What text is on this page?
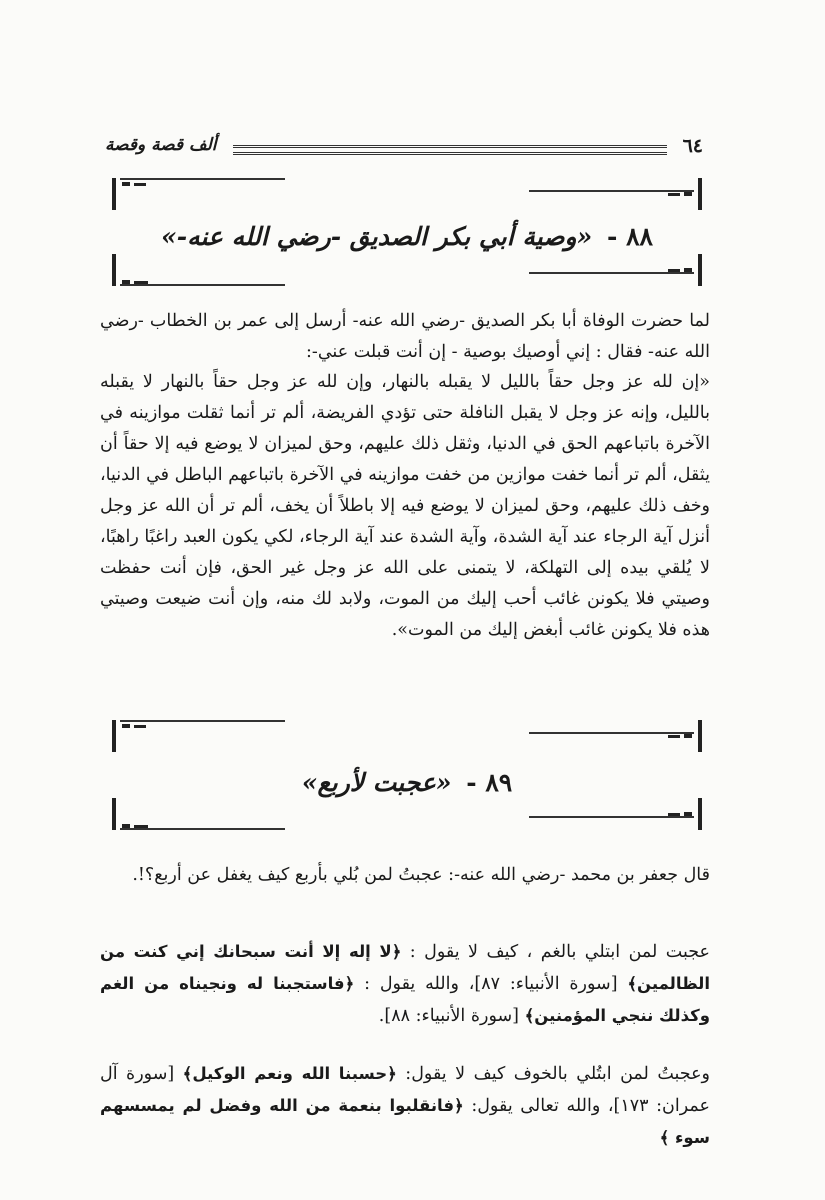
٦٤
ألف قصة وقصة
٨٨ - «وصية أبي بكر الصديق -رضي الله عنه-»

لما حضرت الوفاة أبا بكر الصديق -رضي الله عنه- أرسل إلى عمر بن الخطاب -رضي الله عنه- فقال : إني أوصيك بوصية - إن أنت قبلت عني-:

«إن لله عز وجل حقاً بالليل لا يقبله بالنهار، وإن لله عز وجل حقاً بالنهار لا يقبله بالليل، وإنه عز وجل لا يقبل النافلة حتى تؤدي الفريضة، ألم تر أنما ثقلت موازينه في الآخرة باتباعهم الحق في الدنيا، وثقل ذلك عليهم، وحق لميزان لا يوضع فيه إلا حقاً أن يثقل، ألم تر أنما خفت موازين من خفت موازينه في الآخرة باتباعهم الباطل في الدنيا، وخف ذلك عليهم، وحق لميزان لا يوضع فيه إلا باطلاً أن يخف، ألم تر أن الله عز وجل أنزل آية الرجاء عند آية الشدة، وآية الشدة عند آية الرجاء، لكي يكون العبد راغبًا راهبًا، لا يُلقي بيده إلى التهلكة، لا يتمنى على الله عز وجل غير الحق، فإن أنت حفظت وصيتي فلا يكونن غائب أحب إليك من الموت، ولابد لك منه، وإن أنت ضيعت وصيتي هذه فلا يكونن غائب أبغض إليك من الموت».

٨٩ - «عجبت لأربع»

قال جعفر بن محمد -رضي الله عنه-: عجبتُ لمن بُلي بأربع كيف يغفل عن أربع؟!.

عجبت لمن ابتلي بالغم ، كيف لا يقول : ﴿لا إله إلا أنت سبحانك إني كنت من الظالمين﴾ [سورة الأنبياء: ٨٧]، والله يقول : ﴿فاستجبنا له ونجيناه من الغم وكذلك ننجي المؤمنين﴾ [سورة الأنبياء: ٨٨].

وعجبتُ لمن ابتُلي بالخوف كيف لا يقول: ﴿حسبنا الله ونعم الوكيل﴾ [سورة آل عمران: ١٧٣]، والله تعالى يقول: ﴿فانقلبوا بنعمة من الله وفضل لم يمسسهم سوء ﴾
